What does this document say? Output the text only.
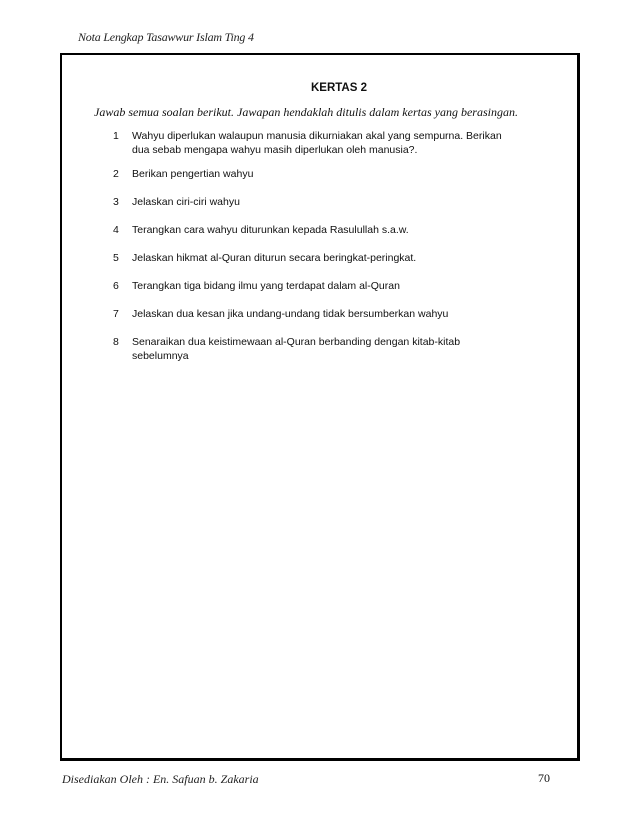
Nota Lengkap Tasawwur Islam Ting 4
KERTAS 2
Jawab semua soalan berikut. Jawapan hendaklah ditulis dalam kertas yang berasingan.
1	Wahyu diperlukan walaupun manusia dikurniakan akal yang sempurna. Berikan dua sebab mengapa wahyu masih diperlukan oleh manusia?.
2	Berikan pengertian wahyu
3	Jelaskan ciri-ciri wahyu
4	Terangkan cara wahyu diturunkan kepada Rasulullah s.a.w.
5	Jelaskan hikmat al-Quran diturun secara beringkat-peringkat.
6	Terangkan tiga bidang ilmu yang terdapat dalam al-Quran
7	Jelaskan dua kesan jika undang-undang tidak bersumberkan wahyu
8	Senaraikan dua keistimewaan al-Quran berbanding dengan kitab-kitab sebelumnya
Disediakan Oleh : En. Safuan b. Zakaria	70
